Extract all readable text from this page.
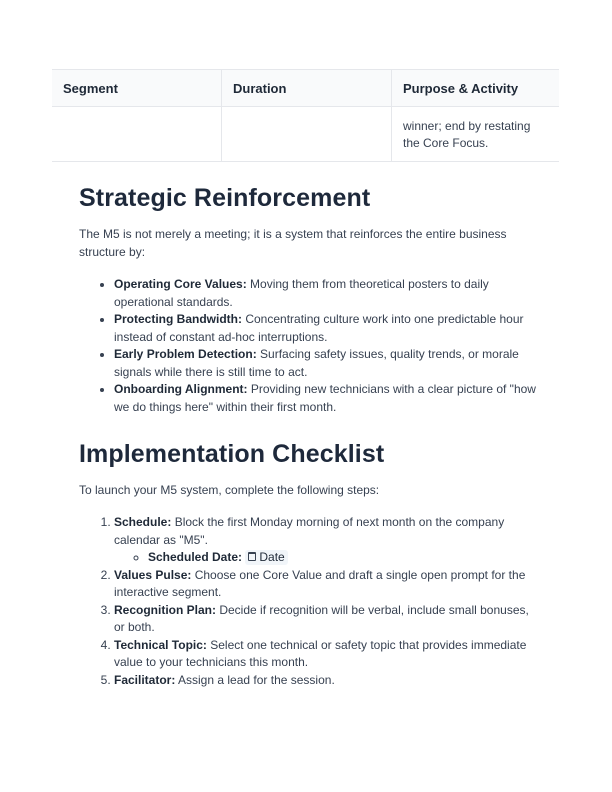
Segment	Duration	Purpose & Activity
		winner; end by restating the Core Focus.
Strategic Reinforcement

The M5 is not merely a meeting; it is a system that reinforces the entire business structure by:

• Operating Core Values: Moving them from theoretical posters to daily operational standards.
• Protecting Bandwidth: Concentrating culture work into one predictable hour instead of constant ad-hoc interruptions.
• Early Problem Detection: Surfacing safety issues, quality trends, or morale signals while there is still time to act.
• Onboarding Alignment: Providing new technicians with a clear picture of "how we do things here" within their first month.
Implementation Checklist

To launch your M5 system, complete the following steps:

1. Schedule: Block the first Monday morning of next month on the company calendar as "M5".
◦ Scheduled Date: Date
2. Values Pulse: Choose one Core Value and draft a single open prompt for the interactive segment.
3. Recognition Plan: Decide if recognition will be verbal, include small bonuses, or both.
4. Technical Topic: Select one technical or safety topic that provides immediate value to your technicians this month.
5. Facilitator: Assign a lead for the session.
